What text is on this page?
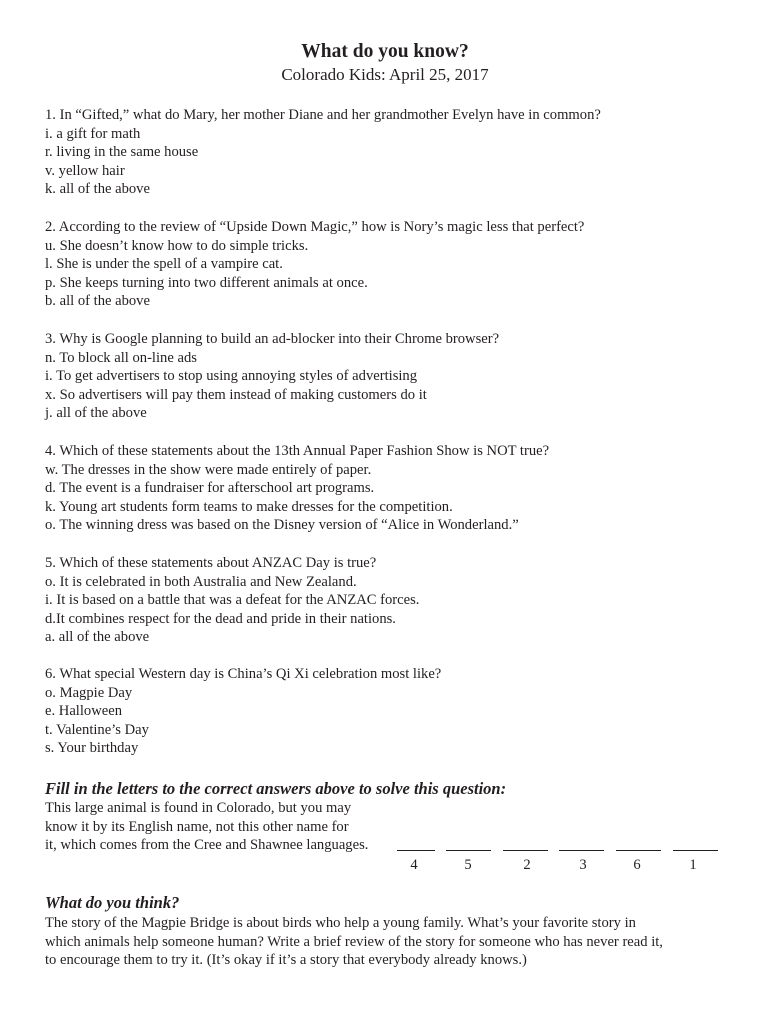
What do you know?
Colorado Kids: April 25, 2017
1. In “Gifted,” what do Mary, her mother Diane and her grandmother Evelyn have in common?
i. a gift for math
r. living in the same house
v. yellow hair
k. all of the above
2. According to the review of “Upside Down Magic,” how is Nory’s magic less that perfect?
u. She doesn’t know how to do simple tricks.
l. She is under the spell of a vampire cat.
p. She keeps turning into two different animals at once.
b. all of the above
3. Why is Google planning to build an ad-blocker into their Chrome browser?
n. To block all on-line ads
i. To get advertisers to stop using annoying styles of advertising
x. So advertisers will pay them instead of making customers do it
j. all of the above
4. Which of these statements about the 13th Annual Paper Fashion Show is NOT true?
w. The dresses in the show were made entirely of paper.
d. The event is a fundraiser for afterschool art programs.
k. Young art students form teams to make dresses for the competition.
o. The winning dress was based on the Disney version of “Alice in Wonderland.”
5. Which of these statements about ANZAC Day is true?
o. It is celebrated in both Australia and New Zealand.
i. It is based on a battle that was a defeat for the ANZAC forces.
d.It combines respect for the dead and pride in their nations.
a. all of the above
6. What special Western day is China’s Qi Xi celebration most like?
o. Magpie Day
e. Halloween
t. Valentine’s Day
s. Your birthday
Fill in the letters to the correct answers above to solve this question:
This large animal is found in Colorado, but you may
know it by its English name, not this other name for
it, which comes from the Cree and Shawnee languages.
4	5	2	3	6	1
What do you think?
The story of the Magpie Bridge is about birds who help a young family. What’s your favorite story in
which animals help someone human? Write a brief review of the story for someone who has never read it,
to encourage them to try it. (It’s okay if it’s a story that everybody already knows.)
